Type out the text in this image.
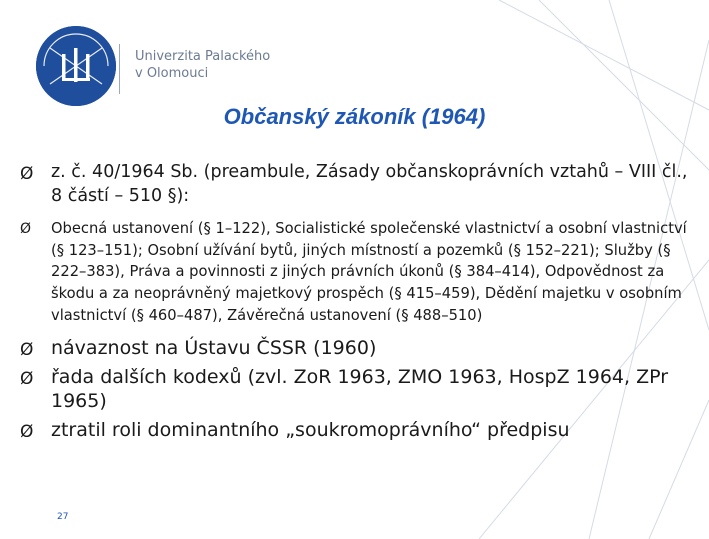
Univerzita Palackého
v Olomouci
Občanský zákoník (1964)
Ø z. č. 40/1964 Sb. (preambule, Zásady občanskoprávních vztahů – VIII čl., 8 částí – 510 §):
Ø Obecná ustanovení (§ 1–122), Socialistické společenské vlastnictví a osobní vlastnictví (§ 123–151); Osobní užívání bytů, jiných místností a pozemků (§ 152–221); Služby (§ 222–383), Práva a povinnosti z jiných právních úkonů (§ 384–414), Odpovědnost za škodu a za neoprávněný majetkový prospěch (§ 415–459), Dědění majetku v osobním vlastnictví (§ 460–487), Závěrečná ustanovení (§ 488–510)
Ø návaznost na Ústavu ČSSR (1960)
Ø řada dalších kodexů (zvl. ZoR 1963, ZMO 1963, HospZ 1964, ZPr 1965)
Ø ztratil roli dominantního „soukromoprávního“ předpisu
27
